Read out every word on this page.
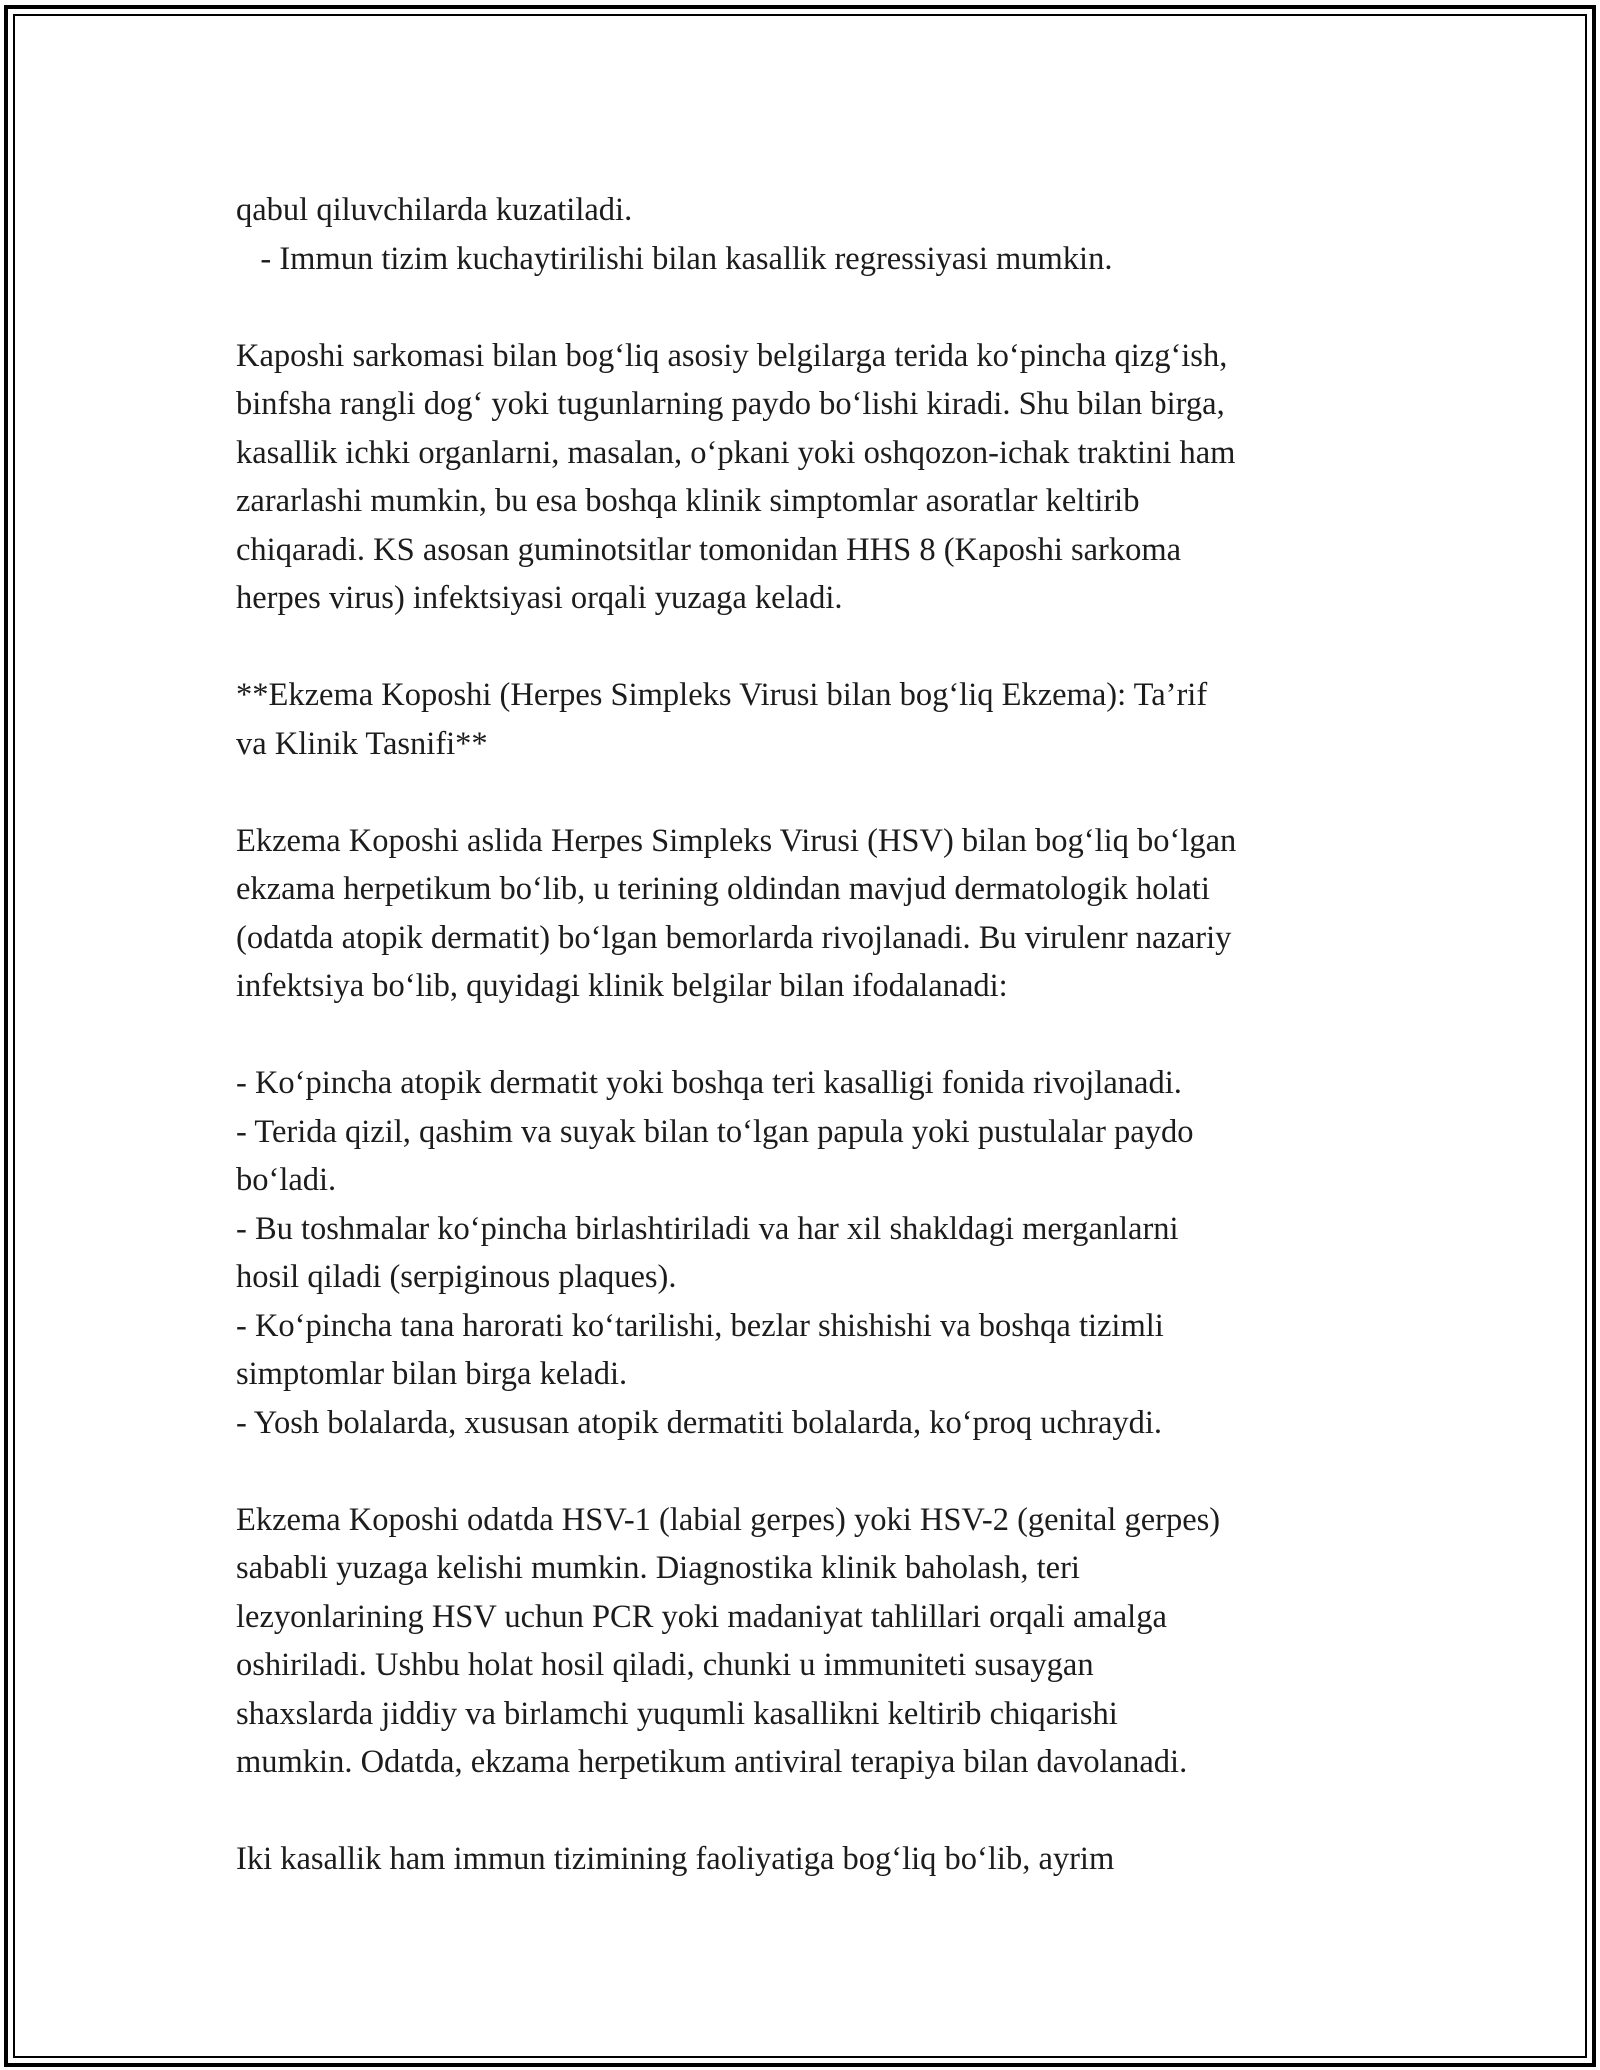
qabul qiluvchilarda kuzatiladi.
- Immun tizim kuchaytirilishi bilan kasallik regressiyasi mumkin.
Kaposhi sarkomasi bilan bog‘liq asosiy belgilarga terida ko‘pincha qizg‘ish,
binfsha rangli dog‘ yoki tugunlarning paydo bo‘lishi kiradi. Shu bilan birga,
kasallik ichki organlarni, masalan, o‘pkani yoki oshqozon-ichak traktini ham
zararlashi mumkin, bu esa boshqa klinik simptomlar asoratlar keltirib
chiqaradi. KS asosan guminotsitlar tomonidan HHS 8 (Kaposhi sarkoma
herpes virus) infektsiyasi orqali yuzaga keladi.
**Ekzema Koposhi (Herpes Simpleks Virusi bilan bog‘liq Ekzema): Ta’rif
va Klinik Tasnifi**
Ekzema Koposhi aslida Herpes Simpleks Virusi (HSV) bilan bog‘liq bo‘lgan
ekzama herpetikum bo‘lib, u terining oldindan mavjud dermatologik holati
(odatda atopik dermatit) bo‘lgan bemorlarda rivojlanadi. Bu virulenr nazariy
infektsiya bo‘lib, quyidagi klinik belgilar bilan ifodalanadi:
- Ko‘pincha atopik dermatit yoki boshqa teri kasalligi fonida rivojlanadi.
- Terida qizil, qashim va suyak bilan to‘lgan papula yoki pustulalar paydo
bo‘ladi.
- Bu toshmalar ko‘pincha birlashtiriladi va har xil shakldagi merganlarni
hosil qiladi (serpiginous plaques).
- Ko‘pincha tana harorati ko‘tarilishi, bezlar shishishi va boshqa tizimli
simptomlar bilan birga keladi.
- Yosh bolalarda, xususan atopik dermatiti bolalarda, ko‘proq uchraydi.
Ekzema Koposhi odatda HSV-1 (labial gerpes) yoki HSV-2 (genital gerpes)
sababli yuzaga kelishi mumkin. Diagnostika klinik baholash, teri
lezyonlarining HSV uchun PCR yoki madaniyat tahlillari orqali amalga
oshiriladi. Ushbu holat hosil qiladi, chunki u immuniteti susaygan
shaxslarda jiddiy va birlamchi yuqumli kasallikni keltirib chiqarishi
mumkin. Odatda, ekzama herpetikum antiviral terapiya bilan davolanadi.
Iki kasallik ham immun tizimining faoliyatiga bog‘liq bo‘lib, ayrim
